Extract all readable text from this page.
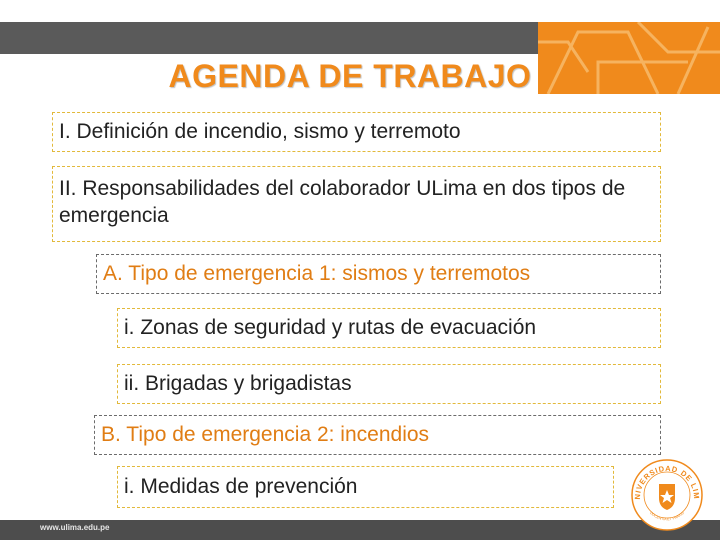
AGENDA DE TRABAJO
I. Definición de incendio, sismo y terremoto
II. Responsabilidades del colaborador ULima en dos tipos de emergencia
A. Tipo de emergencia 1: sismos y terremotos
i. Zonas de seguridad y rutas de evacuación
ii. Brigadas y brigadistas
B. Tipo de emergencia 2: incendios
i. Medidas de prevención
www.ulima.edu.pe
NIVERSIDAD DE LIM
DOCENTIA ET PRAXIS
